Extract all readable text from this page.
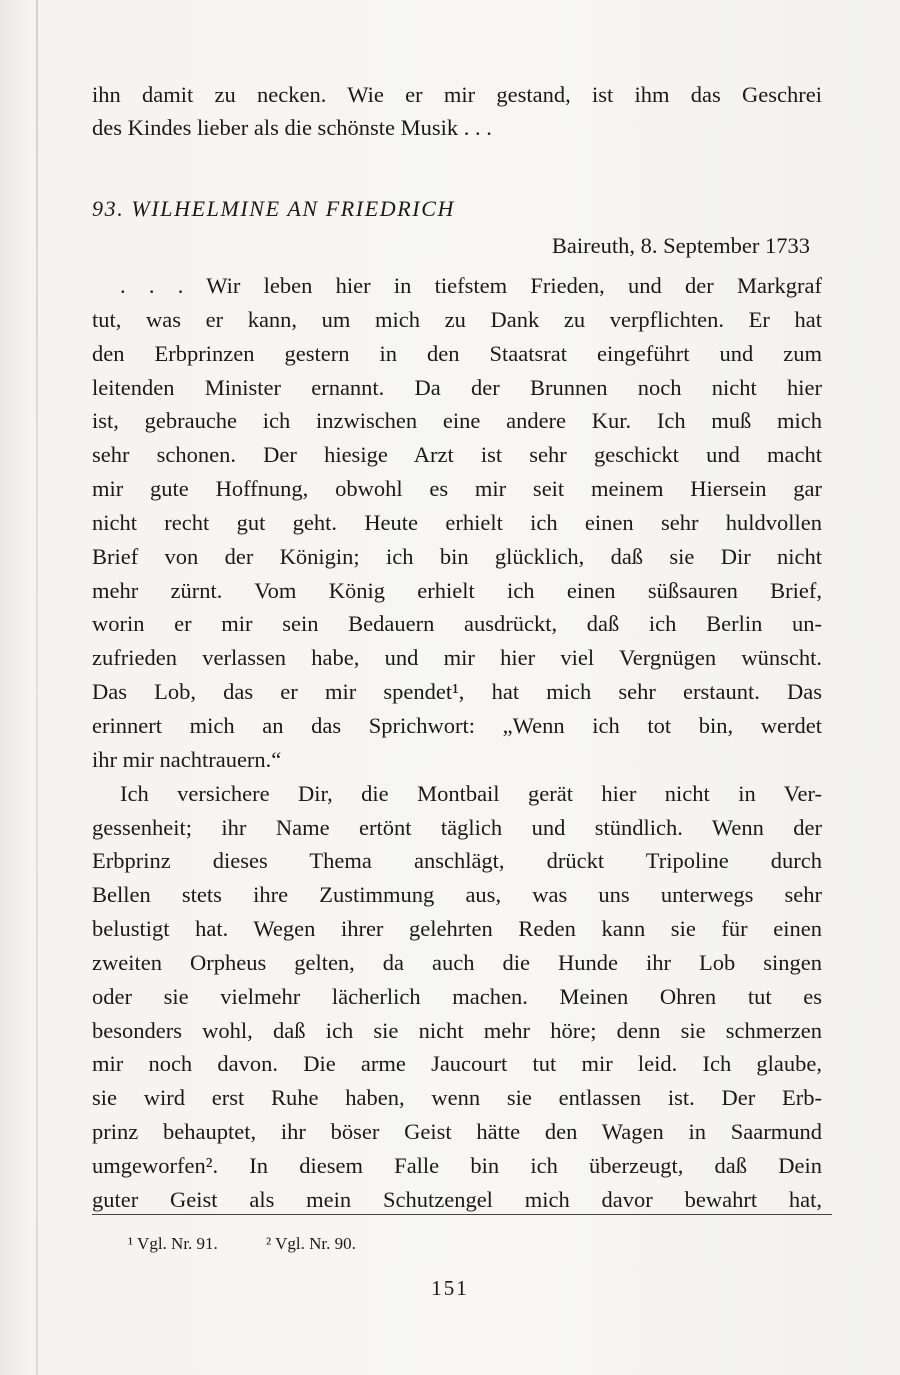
ihn damit zu necken. Wie er mir gestand, ist ihm das Geschrei
des Kindes lieber als die schönste Musik . . .
93. WILHELMINE AN FRIEDRICH
Baireuth, 8. September 1733
. . . Wir leben hier in tiefstem Frieden, und der Markgraf
tut, was er kann, um mich zu Dank zu verpflichten. Er hat
den Erbprinzen gestern in den Staatsrat eingeführt und zum
leitenden Minister ernannt. Da der Brunnen noch nicht hier
ist, gebrauche ich inzwischen eine andere Kur. Ich muß mich
sehr schonen. Der hiesige Arzt ist sehr geschickt und macht
mir gute Hoffnung, obwohl es mir seit meinem Hiersein gar
nicht recht gut geht. Heute erhielt ich einen sehr huldvollen
Brief von der Königin; ich bin glücklich, daß sie Dir nicht
mehr zürnt. Vom König erhielt ich einen süßsauren Brief,
worin er mir sein Bedauern ausdrückt, daß ich Berlin un-
zufrieden verlassen habe, und mir hier viel Vergnügen wünscht.
Das Lob, das er mir spendet¹, hat mich sehr erstaunt. Das
erinnert mich an das Sprichwort: „Wenn ich tot bin, werdet
ihr mir nachtrauern.“
Ich versichere Dir, die Montbail gerät hier nicht in Ver-
gessenheit; ihr Name ertönt täglich und stündlich. Wenn der
Erbprinz dieses Thema anschlägt, drückt Tripoline durch
Bellen stets ihre Zustimmung aus, was uns unterwegs sehr
belustigt hat. Wegen ihrer gelehrten Reden kann sie für einen
zweiten Orpheus gelten, da auch die Hunde ihr Lob singen
oder sie vielmehr lächerlich machen. Meinen Ohren tut es
besonders wohl, daß ich sie nicht mehr höre; denn sie schmerzen
mir noch davon. Die arme Jaucourt tut mir leid. Ich glaube,
sie wird erst Ruhe haben, wenn sie entlassen ist. Der Erb-
prinz behauptet, ihr böser Geist hätte den Wagen in Saarmund
umgeworfen². In diesem Falle bin ich überzeugt, daß Dein
guter Geist als mein Schutzengel mich davor bewahrt hat,
¹ Vgl. Nr. 91.	² Vgl. Nr. 90.
151
